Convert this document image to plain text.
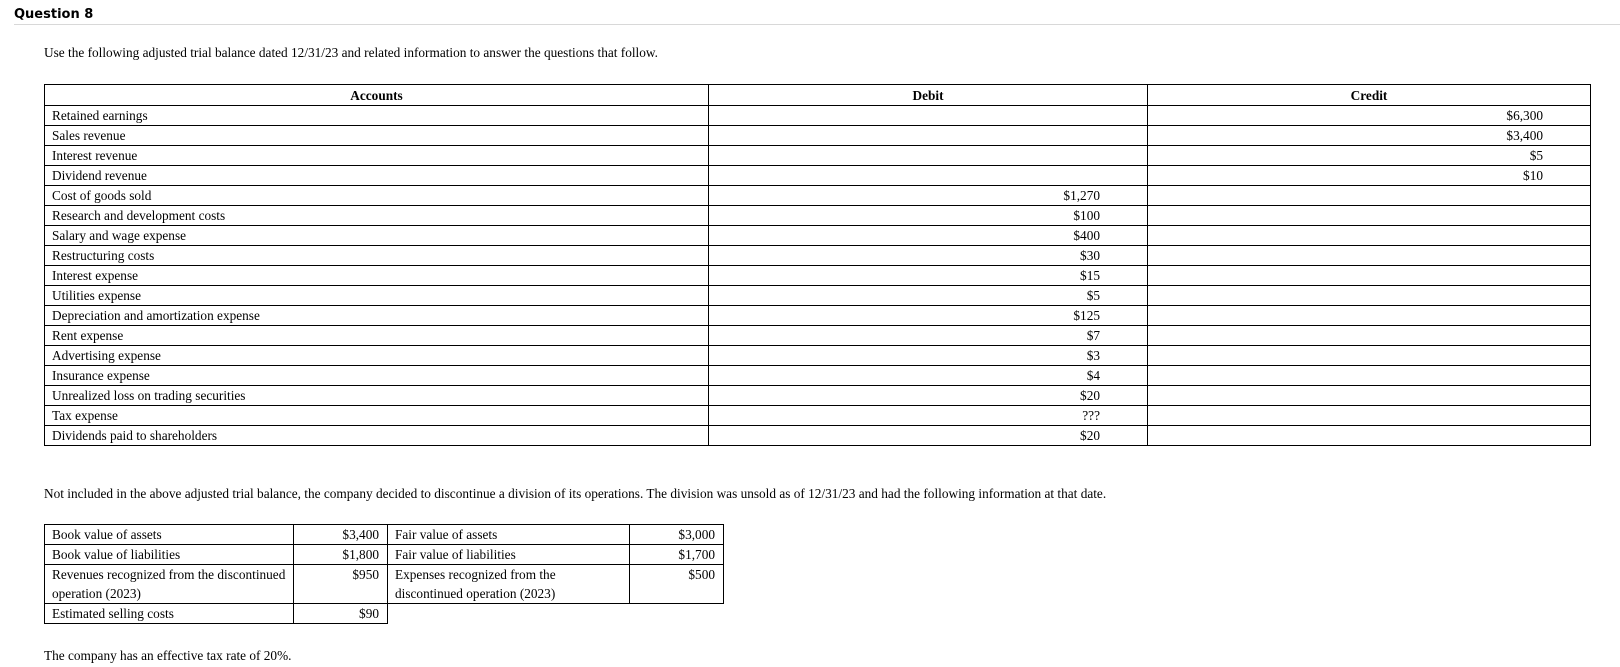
Question 8
Use the following adjusted trial balance dated 12/31/23 and related information to answer the questions that follow.
Accounts	Debit	Credit
Retained earnings		$6,300
Sales revenue		$3,400
Interest revenue		$5
Dividend revenue		$10
Cost of goods sold	$1,270	
Research and development costs	$100	
Salary and wage expense	$400	
Restructuring costs	$30	
Interest expense	$15	
Utilities expense	$5	
Depreciation and amortization expense	$125	
Rent expense	$7	
Advertising expense	$3	
Insurance expense	$4	
Unrealized loss on trading securities	$20	
Tax expense	???	
Dividends paid to shareholders	$20	
Not included in the above adjusted trial balance, the company decided to discontinue a division of its operations. The division was unsold as of 12/31/23 and had the following information at that date.
Book value of assets	$3,400	Fair value of assets	$3,000
Book value of liabilities	$1,800	Fair value of liabilities	$1,700
Revenues recognized from the discontinued operation (2023)	$950	Expenses recognized from the discontinued operation (2023)	$500
Estimated selling costs	$90		
The company has an effective tax rate of 20%.
